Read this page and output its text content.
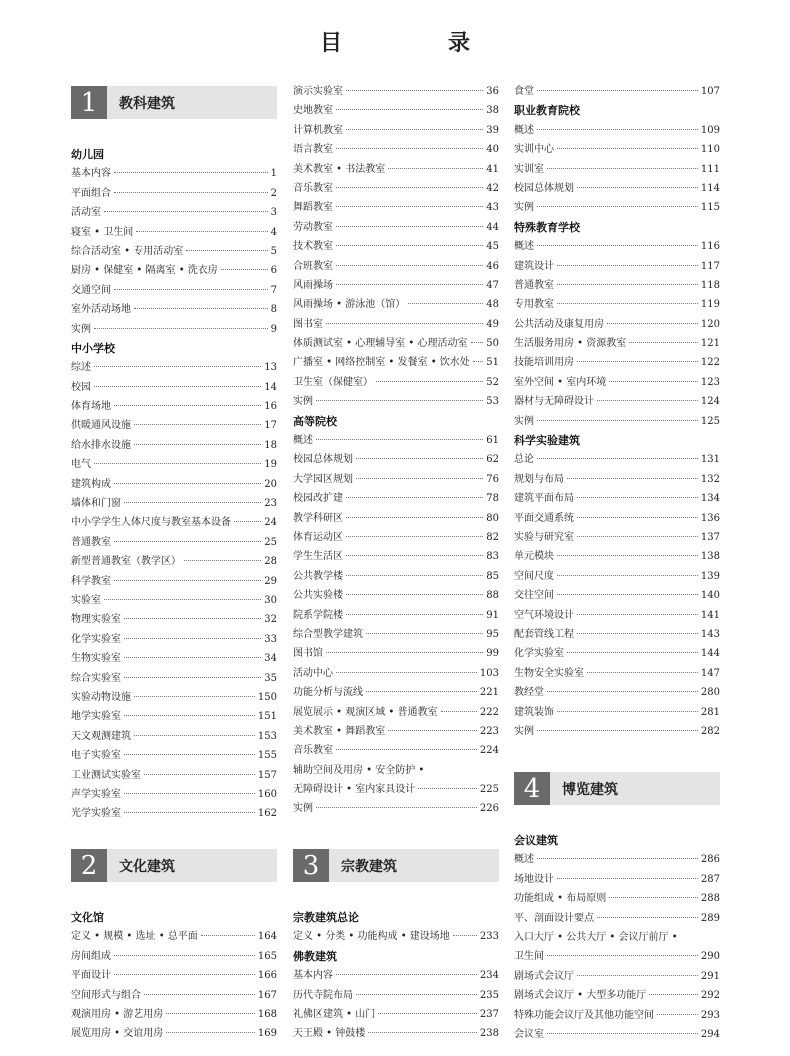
目　录
1	教科建筑
幼儿园
基本内容	1
平面组合	2
活动室	3
寝室 • 卫生间	4
综合活动室 • 专用活动室	5
厨房 • 保健室 • 隔离室 • 洗衣房	6
交通空间	7
室外活动场地	8
实例	9
中小学校
综述	13
校园	14
体育场地	16
供暖通风设施	17
给水排水设施	18
电气	19
建筑构成	20
墙体和门窗	23
中小学学生人体尺度与教室基本设备	24
普通教室	25
新型普通教室（教学区）	28
科学教室	29
实验室	30
物理实验室	32
化学实验室	33
生物实验室	34
综合实验室	35
实验动物设施	150
地学实验室	151
天文观测建筑	153
电子实验室	155
工业测试实验室	157
声学实验室	160
光学实验室	162
2	文化建筑
文化馆
定义 • 规模 • 选址 • 总平面	164
房间组成	165
平面设计	166
空间形式与组合	167
观演用房 • 游艺用房	168
展览用房 • 交谊用房	169
演示实验室	36
史地教室	38
计算机教室	39
语言教室	40
美术教室 • 书法教室	41
音乐教室	42
舞蹈教室	43
劳动教室	44
技术教室	45
合班教室	46
风雨操场	47
风雨操场 • 游泳池（馆）	48
图书室	49
体质测试室 • 心理辅导室 • 心理活动室 50
广播室 • 网络控制室 • 发餐室 • 饮水处 51
卫生室（保健室）	52
实例	53
高等院校
概述	61
校园总体规划	62
大学园区规划	76
校园改扩建	78
教学科研区	80
体育运动区	82
学生生活区	83
公共教学楼	85
公共实验楼	88
院系学院楼	91
综合型教学建筑	95
图书馆	99
活动中心	103
功能分析与流线	221
展览展示 • 观演区域 • 普通教室	222
美术教室 • 舞蹈教室	223
音乐教室	224
辅助空间及用房 • 安全防护 •
无障碍设计 • 室内家具设计	225
实例	226
3	宗教建筑
宗教建筑总论
定义 • 分类 • 功能构成 • 建设场地	233
佛教建筑
基本内容	234
历代寺院布局	235
礼佛区建筑 • 山门	237
天王殿 • 钟鼓楼	238
食堂	107
职业教育院校
概述	109
实训中心	110
实训室	111
校园总体规划	114
实例	115
特殊教育学校
概述	116
建筑设计	117
普通教室	118
专用教室	119
公共活动及康复用房	120
生活服务用房 • 资源教室	121
技能培训用房	122
室外空间 • 室内环境	123
器材与无障碍设计	124
实例	125
科学实验建筑
总论	131
规划与布局	132
建筑平面布局	134
平面交通系统	136
实验与研究室	137
单元模块	138
空间尺度	139
交往空间	140
空气环境设计	141
配套管线工程	143
化学实验室	144
生物安全实验室	147
教经堂	280
建筑装饰	281
实例	282
4	博览建筑
会议建筑
概述	286
场地设计	287
功能组成 • 布局原则	288
平、剖面设计要点	289
入口大厅 • 公共大厅 • 会议厅前厅 •
卫生间	290
剧场式会议厅	291
剧场式会议厅 • 大型多功能厅	292
特殊功能会议厅及其他功能空间	293
会议室	294
